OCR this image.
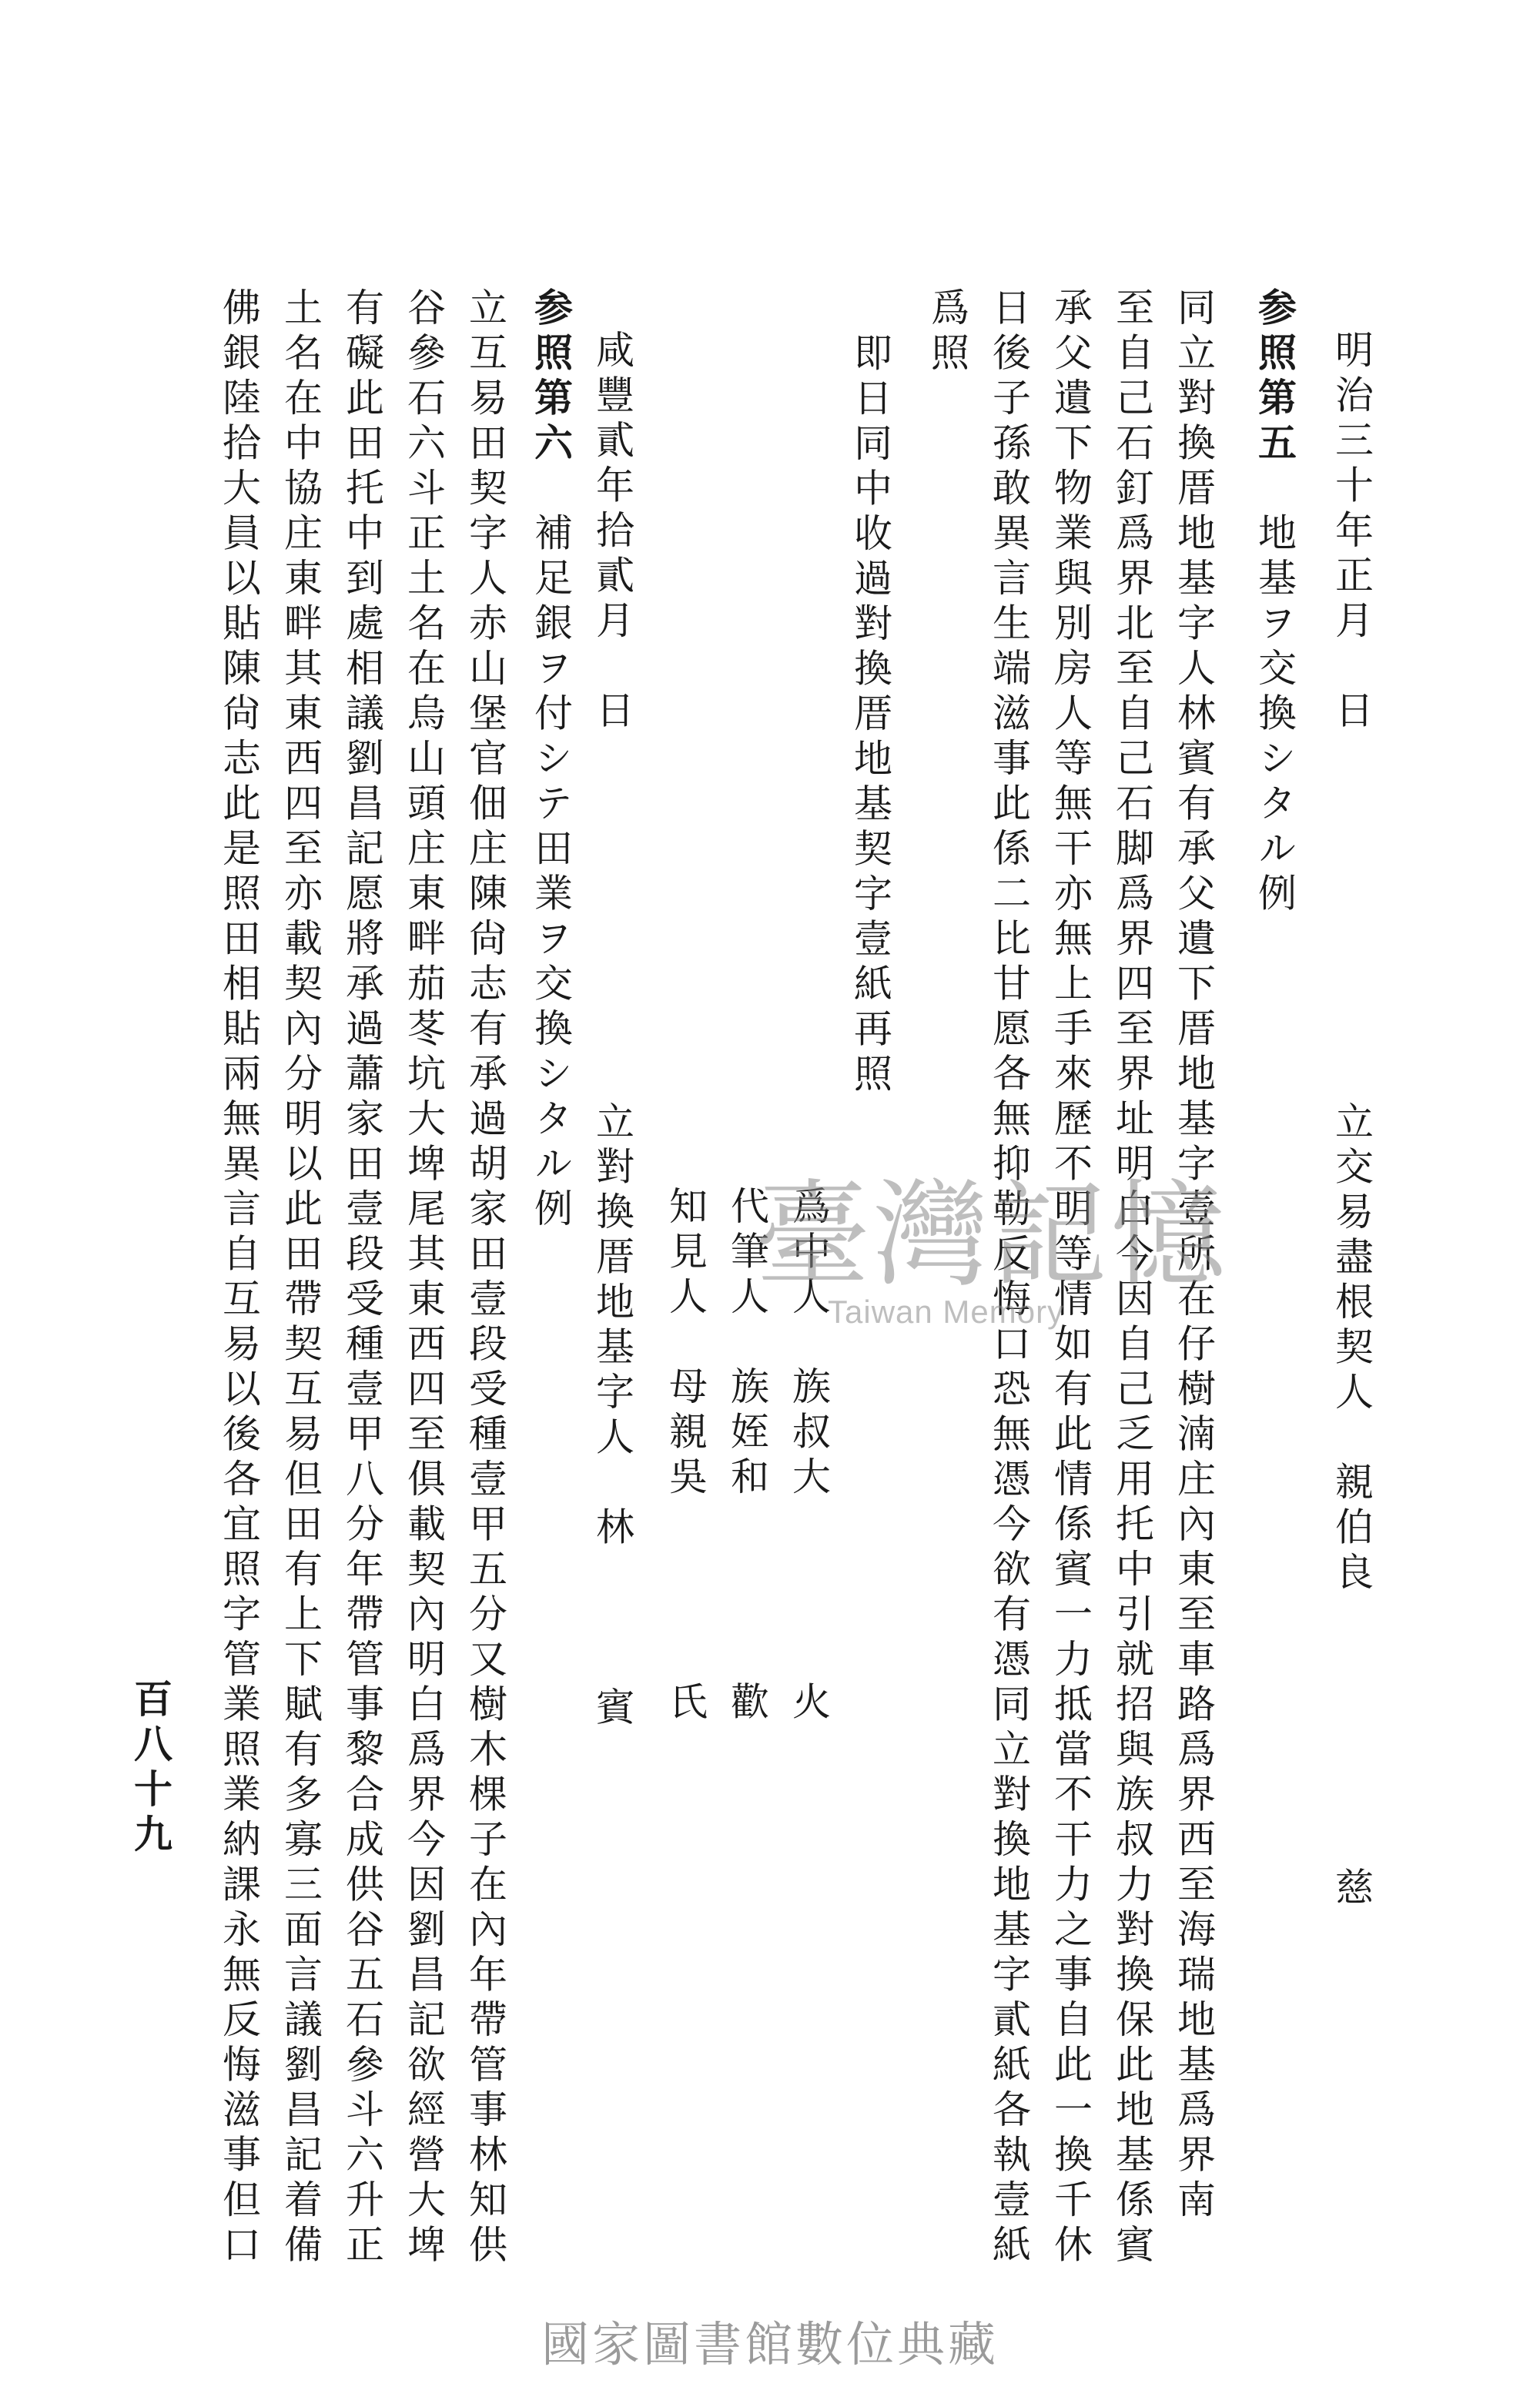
明治三十年正月　日
立交易盡根契人　親伯良　　　　　　慈
参照第五　地基ヲ交換シタル例
同立對換厝地基字人林賓有承父遺下厝地基字壹所在仔樹湳庄內東至車路爲界西至海瑞地基爲界南
至自己石釘爲界北至自己石脚爲界四至界址明白今因自己乏用托中引就招與族叔力對換保此地基係賓
承父遺下物業與別房人等無干亦無上手來歷不明等情如有此情係賓一力抵當不干力之事自此一換千休
日後子孫敢異言生端滋事此係二比甘愿各無抑勒反悔口恐無憑今欲有憑同立對換地基字貳紙各執壹紙
爲照
即日同中收過對換厝地基契字壹紙再照
爲中人　族叔大　　　　火
代筆人　族姪和　　　　歡
知見人　母親吳　　　　氏
咸豐貳年拾貳月　日
立對換厝地基字人　林　　　賓
参照第六　補足銀ヲ付シテ田業ヲ交換シタル例
立互易田契字人赤山堡官佃庄陳尙志有承過胡家田壹段受種壹甲五分又樹木棵子在內年帶管事林知供
谷參石六斗正土名在烏山頭庄東畔茄苳坑大埤尾其東西四至俱載契內明白爲界今因劉昌記欲經營大埤
有礙此田托中到處相議劉昌記愿將承過蕭家田壹段受種壹甲八分年帶管事黎合成供谷五石參斗六升正
土名在中協庄東畔其東西四至亦載契內分明以此田帶契互易但田有上下賦有多寡三面言議劉昌記着備
佛銀陸拾大員以貼陳尙志此是照田相貼兩無異言自互易以後各宜照字管業照業納課永無反悔滋事但口
百八十九
臺灣記憶
Taiwan Memory
國家圖書館數位典藏
